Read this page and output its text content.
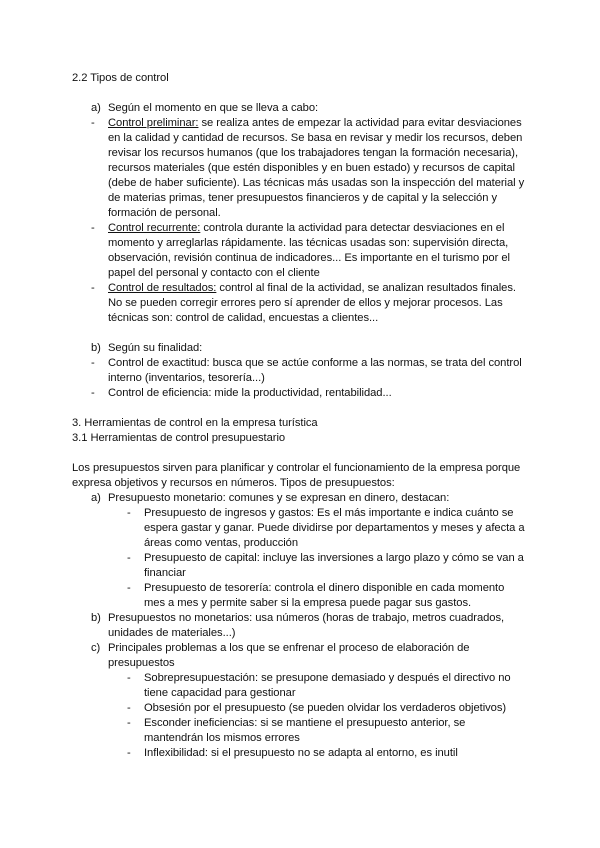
2.2 Tipos de control
a) Según el momento en que se lleva a cabo:
- Control preliminar: se realiza antes de empezar la actividad para evitar desviaciones
en la calidad y cantidad de recursos. Se basa en revisar y medir los recursos, deben
revisar los recursos humanos (que los trabajadores tengan la formación necesaria),
recursos materiales (que estén disponibles y en buen estado) y recursos de capital
(debe de haber suficiente). Las técnicas más usadas son la inspección del material y
de materias primas, tener presupuestos financieros y de capital y la selección y
formación de personal.
- Control recurrente: controla durante la actividad para detectar desviaciones en el
momento y arreglarlas rápidamente. las técnicas usadas son: supervisión directa,
observación, revisión continua de indicadores... Es importante en el turismo por el
papel del personal y contacto con el cliente
- Control de resultados: control al final de la actividad, se analizan resultados finales.
No se pueden corregir errores pero sí aprender de ellos y mejorar procesos. Las
técnicas son: control de calidad, encuestas a clientes...
b) Según su finalidad:
- Control de exactitud: busca que se actúe conforme a las normas, se trata del control
interno (inventarios, tesorería...)
- Control de eficiencia: mide la productividad, rentabilidad...
3. Herramientas de control en la empresa turística
3.1 Herramientas de control presupuestario
Los presupuestos sirven para planificar y controlar el funcionamiento de la empresa porque
expresa objetivos y recursos en números. Tipos de presupuestos:
a) Presupuesto monetario: comunes y se expresan en dinero, destacan:
- Presupuesto de ingresos y gastos: Es el más importante e indica cuánto se
espera gastar y ganar. Puede dividirse por departamentos y meses y afecta a
áreas como ventas, producción
- Presupuesto de capital: incluye las inversiones a largo plazo y cómo se van a
financiar
- Presupuesto de tesorería: controla el dinero disponible en cada momento
mes a mes y permite saber si la empresa puede pagar sus gastos.
b) Presupuestos no monetarios: usa números (horas de trabajo, metros cuadrados,
unidades de materiales...)
c) Principales problemas a los que se enfrenar el proceso de elaboración de
presupuestos
- Sobrepresupuestación: se presupone demasiado y después el directivo no
tiene capacidad para gestionar
- Obsesión por el presupuesto (se pueden olvidar los verdaderos objetivos)
- Esconder ineficiencias: si se mantiene el presupuesto anterior, se
mantendrán los mismos errores
- Inflexibilidad: si el presupuesto no se adapta al entorno, es inutil
